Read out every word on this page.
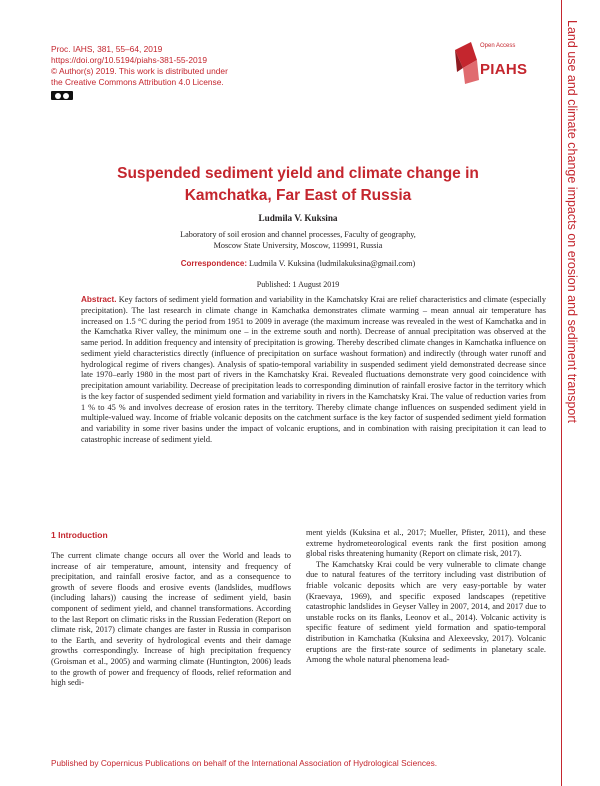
Proc. IAHS, 381, 55–64, 2019
https://doi.org/10.5194/piahs-381-55-2019
© Author(s) 2019. This work is distributed under
the Creative Commons Attribution 4.0 License.
Open Access
PIAHS	Land use and climate change impacts on erosion and sediment transport
Suspended sediment yield and climate change in
Kamchatka, Far East of Russia
Ludmila V. Kuksina
Laboratory of soil erosion and channel processes, Faculty of geography,
Moscow State University, Moscow, 119991, Russia
Correspondence: Ludmila V. Kuksina (ludmilakuksina@gmail.com)
Published: 1 August 2019
Abstract. Key factors of sediment yield formation and variability in the Kamchatsky Krai are relief characteristics and climate (especially precipitation). The last research in climate change in Kamchatka demonstrates climate warming – mean annual air temperature has increased on 1.5 °C during the period from 1951 to 2009 in average (the maximum increase was revealed in the west of Kamchatka and in the Kamchatka River valley, the minimum one – in the extreme south and north). Decrease of annual precipitation was observed at the same period. In addition frequency and intensity of precipitation is growing. Thereby described climate changes in Kamchatka influence on sediment yield characteristics directly (influence of precipitation on surface washout formation) and indirectly (through water runoff and hydrological regime of rivers changes). Analysis of spatio-temporal variability in suspended sediment yield demonstrated decrease since late 1970–early 1980 in the most part of rivers in the Kamchatsky Krai. Revealed fluctuations demonstrate very good coincidence with precipitation amount variability. Decrease of precipitation leads to corresponding diminution of rainfall erosive factor in the territory which is the key factor of suspended sediment yield formation and variability in rivers in the Kamchatsky Krai. The value of reduction varies from 1 % to 45 % and involves decrease of erosion rates in the territory. Thereby climate change influences on suspended sediment yield in multiple-valued way. Income of friable volcanic deposits on the catchment surface is the key factor of suspended sediment yield formation and variability in some river basins under the impact of volcanic eruptions, and in combination with raising precipitation it can lead to catastrophic increase of sediment yield.
1 Introduction

The current climate change occurs all over the World and leads to increase of air temperature, amount, intensity and frequency of precipitation, and rainfall erosive factor, and as a consequence to growth of severe floods and erosive events (landslides, mudflows (including lahars)) causing the increase of sediment yield, basin component of sediment yield, and channel transformations. According to the last Report on climatic risks in the Russian Federation (Report on climate risk, 2017) climate changes are faster in Russia in comparison to the Earth, and severity of hydrological events and their damage growths correspondingly. Increase of high precipitation frequency (Groisman et al., 2005) and warming climate (Huntington, 2006) leads to the growth of power and frequency of floods, relief reformation and high sedi-

ment yields (Kuksina et al., 2017; Mueller, Pfister, 2011), and these extreme hydrometeorological events rank the first position among global risks threatening humanity (Report on climate risk, 2017).

The Kamchatsky Krai could be very vulnerable to climate change due to natural features of the territory including vast distribution of friable volcanic deposits which are very easy-portable by water (Kraevaya, 1969), and specific exposed landscapes (repetitive catastrophic landslides in Geyser Valley in 2007, 2014, and 2017 due to unstable rocks on its flanks, Leonov et al., 2014). Volcanic activity is specific feature of sediment yield formation and spatio-temporal distribution in Kamchatka (Kuksina and Alexeevsky, 2017). Volcanic eruptions are the first-rate source of sediments in planetary scale. Among the whole natural phenomena lead-

Published by Copernicus Publications on behalf of the International Association of Hydrological Sciences.
